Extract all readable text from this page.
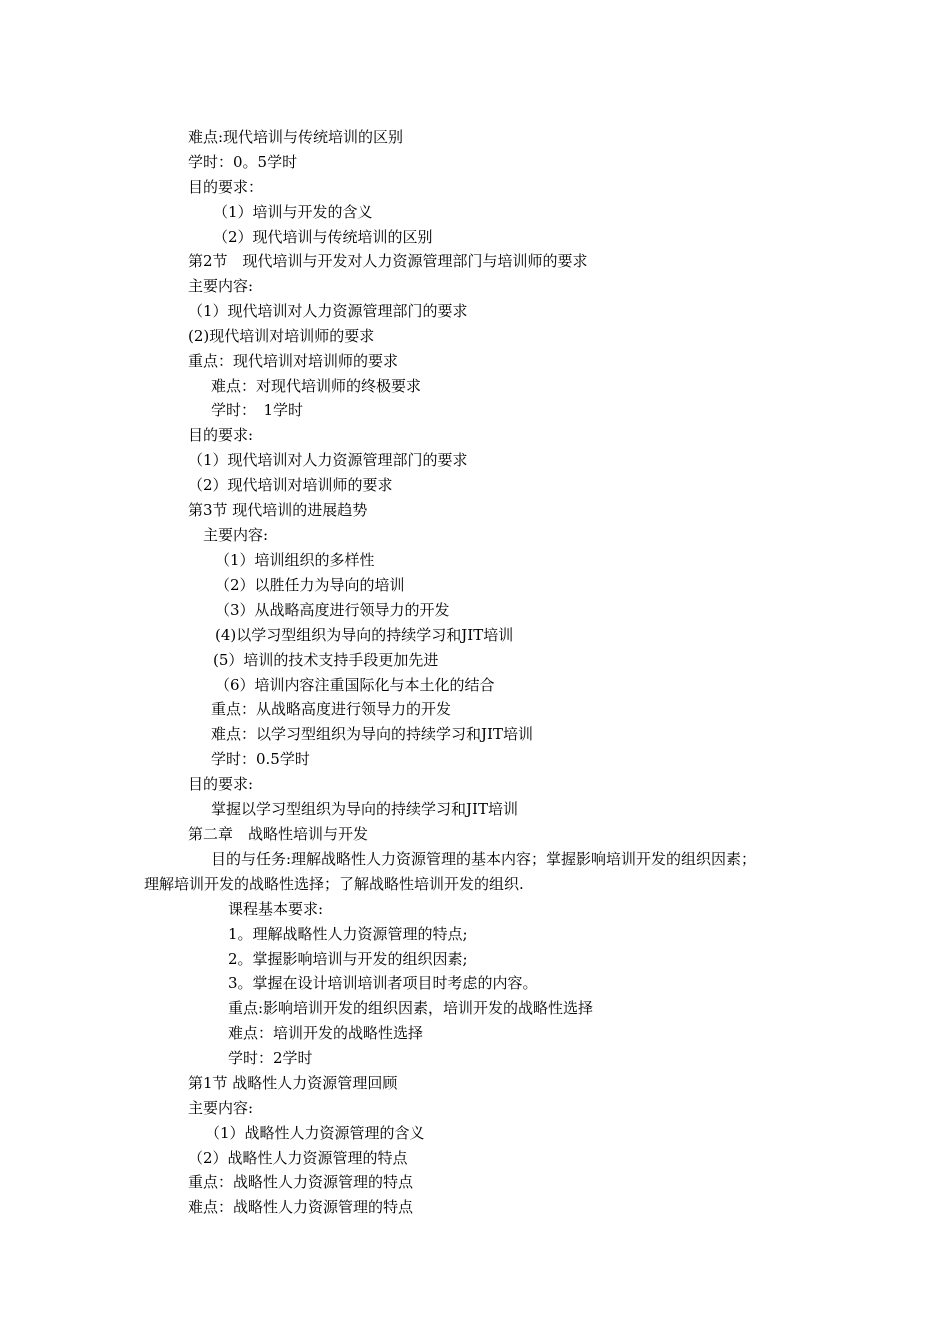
难点:现代培训与传统培训的区别
学时：0。5学时
目的要求：
（1）培训与开发的含义
（2）现代培训与传统培训的区别
第2节　现代培训与开发对人力资源管理部门与培训师的要求
主要内容:
（1）现代培训对人力资源管理部门的要求
(2)现代培训对培训师的要求
重点：现代培训对培训师的要求
难点：对现代培训师的终极要求
学时：　1学时
目的要求:
（1）现代培训对人力资源管理部门的要求
（2）现代培训对培训师的要求
第3节 现代培训的进展趋势
主要内容:
（1）培训组织的多样性
（2）以胜任力为导向的培训
（3）从战略高度进行领导力的开发
(4)以学习型组织为导向的持续学习和JIT培训
(5）培训的技术支持手段更加先进
（6）培训内容注重国际化与本土化的结合
重点：从战略高度进行领导力的开发
难点：以学习型组织为导向的持续学习和JIT培训
学时：0.5学时
目的要求:
掌握以学习型组织为导向的持续学习和JIT培训
第二章　战略性培训与开发
目的与任务:理解战略性人力资源管理的基本内容；掌握影响培训开发的组织因素；
理解培训开发的战略性选择；了解战略性培训开发的组织.
课程基本要求:
1。理解战略性人力资源管理的特点;
2。掌握影响培训与开发的组织因素;
3。掌握在设计培训培训者项目时考虑的内容。
重点:影响培训开发的组织因素，培训开发的战略性选择
难点：培训开发的战略性选择
学时：2学时
第1节 战略性人力资源管理回顾
主要内容:
（1）战略性人力资源管理的含义
（2）战略性人力资源管理的特点
重点：战略性人力资源管理的特点
难点：战略性人力资源管理的特点
